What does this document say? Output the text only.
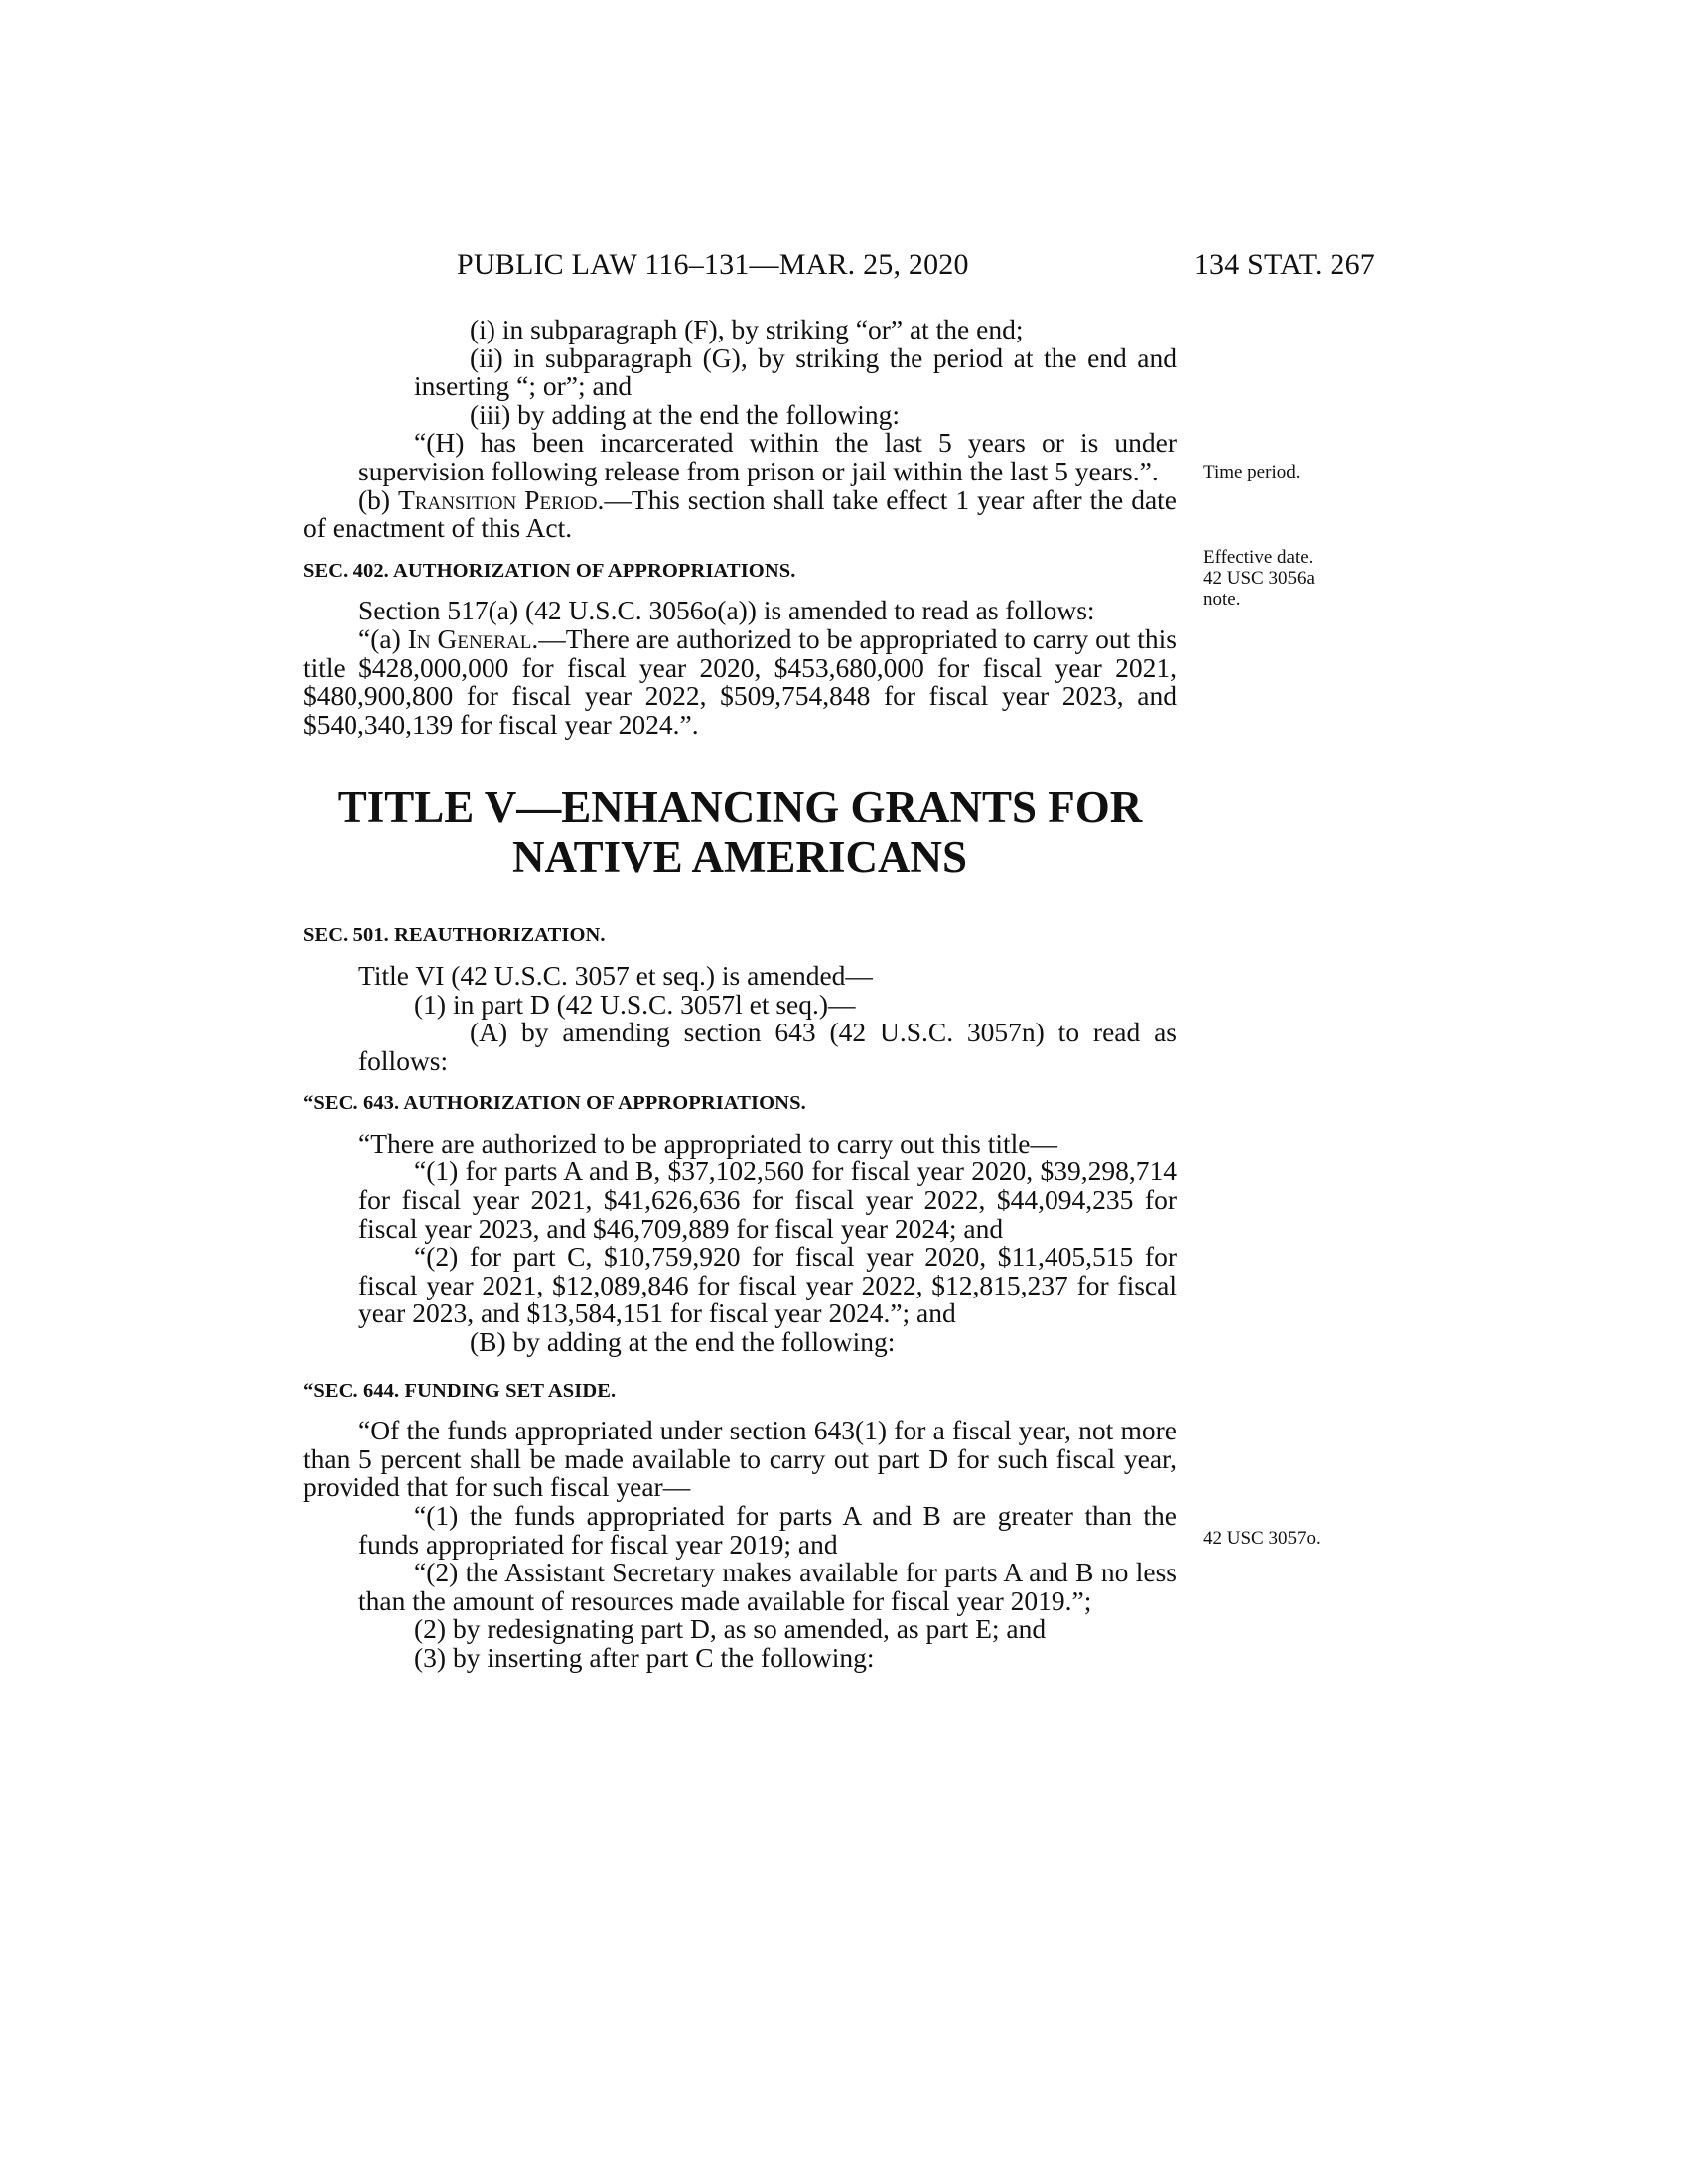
PUBLIC LAW 116–131—MAR. 25, 2020	134 STAT. 267
Time period.
Effective date.
42 USC 3056a
note.
42 USC 3057o.

(i) in subparagraph (F), by striking “or” at the end;

(ii) in subparagraph (G), by striking the period at the end and inserting “; or”; and

(iii) by adding at the end the following:

“(H) has been incarcerated within the last 5 years or is under supervision following release from prison or jail within the last 5 years.”.

(b) Transition Period.—This section shall take effect 1 year after the date of enactment of this Act.

SEC. 402. AUTHORIZATION OF APPROPRIATIONS.

Section 517(a) (42 U.S.C. 3056o(a)) is amended to read as follows:

“(a) In General.—There are authorized to be appropriated to carry out this title $428,000,000 for fiscal year 2020, $453,680,000 for fiscal year 2021, $480,900,800 for fiscal year 2022, $509,754,848 for fiscal year 2023, and $540,340,139 for fiscal year 2024.”.

TITLE V—ENHANCING GRANTS FOR
NATIVE AMERICANS

SEC. 501. REAUTHORIZATION.

Title VI (42 U.S.C. 3057 et seq.) is amended—

(1) in part D (42 U.S.C. 3057l et seq.)—

(A) by amending section 643 (42 U.S.C. 3057n) to read as follows:

“SEC. 643. AUTHORIZATION OF APPROPRIATIONS.

“There are authorized to be appropriated to carry out this title—

“(1) for parts A and B, $37,102,560 for fiscal year 2020, $39,298,714 for fiscal year 2021, $41,626,636 for fiscal year 2022, $44,094,235 for fiscal year 2023, and $46,709,889 for fiscal year 2024; and

“(2) for part C, $10,759,920 for fiscal year 2020, $11,405,515 for fiscal year 2021, $12,089,846 for fiscal year 2022, $12,815,237 for fiscal year 2023, and $13,584,151 for fiscal year 2024.”; and

(B) by adding at the end the following:

“SEC. 644. FUNDING SET ASIDE.

“Of the funds appropriated under section 643(1) for a fiscal year, not more than 5 percent shall be made available to carry out part D for such fiscal year, provided that for such fiscal year—

“(1) the funds appropriated for parts A and B are greater than the funds appropriated for fiscal year 2019; and

“(2) the Assistant Secretary makes available for parts A and B no less than the amount of resources made available for fiscal year 2019.”;

(2) by redesignating part D, as so amended, as part E; and

(3) by inserting after part C the following:
